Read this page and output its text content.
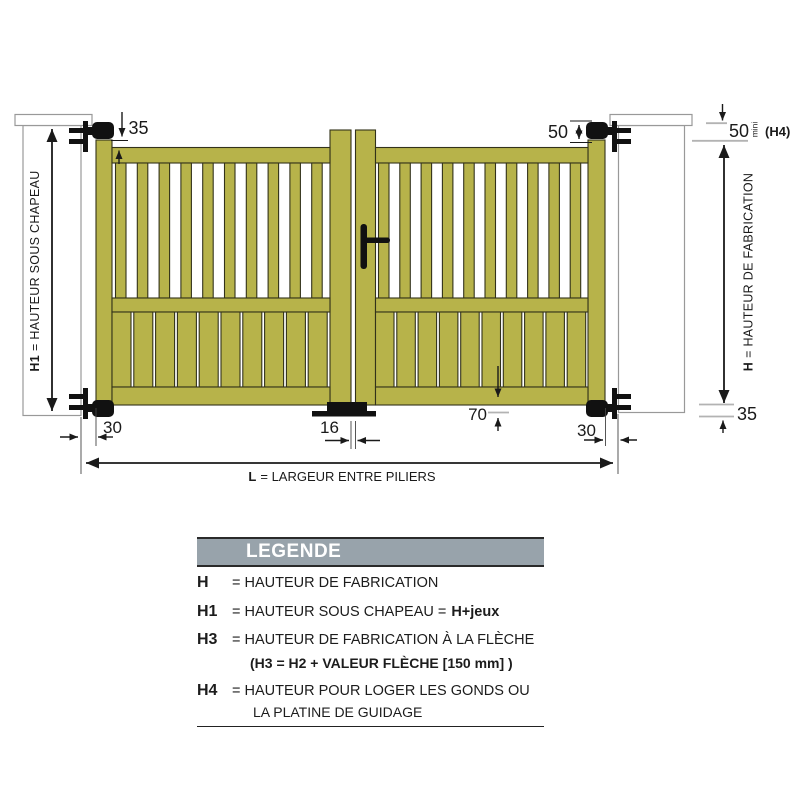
H1= HAUTEUR SOUS CHAPEAU
35	50	50 mini (H4)
H= HAUTEUR DE FABRICATION
35
30	16
70
30
L = LARGEUR ENTRE PILIERS
LEGENDE
H	= HAUTEUR DE FABRICATION
H1	= HAUTEUR SOUS CHAPEAU = H+jeux
H3	= HAUTEUR DE FABRICATION À LA FLÈCHE
(H3 = H2 + VALEUR FLÈCHE [150 mm] )
H4	= HAUTEUR POUR LOGER LES GONDS OU
LA PLATINE DE GUIDAGE
